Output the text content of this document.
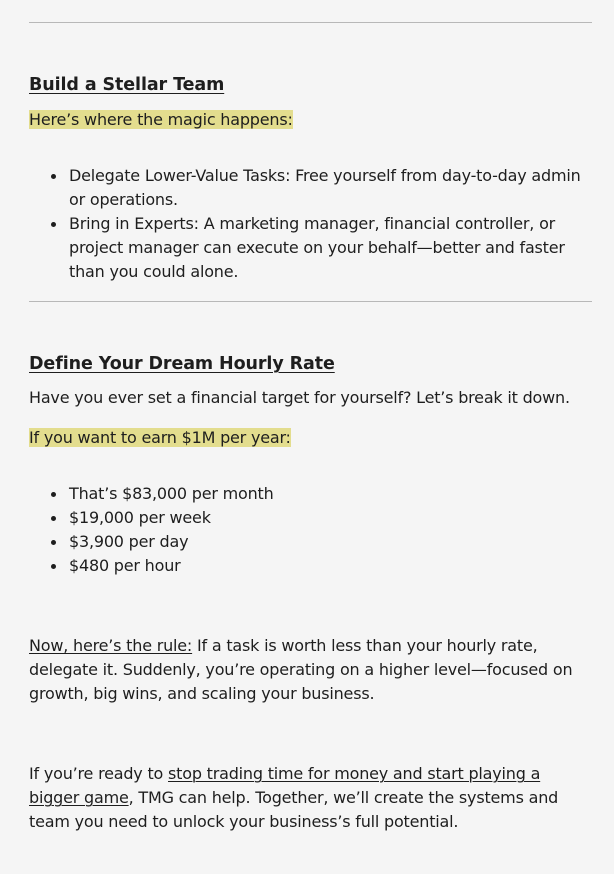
Build a Stellar Team
Here’s where the magic happens:
Delegate Lower-Value Tasks: Free yourself from day-to-day admin or operations.
Bring in Experts: A marketing manager, financial controller, or project manager can execute on your behalf—better and faster than you could alone.
Define Your Dream Hourly Rate
Have you ever set a financial target for yourself? Let’s break it down.
If you want to earn $1M per year:
That’s $83,000 per month
$19,000 per week
$3,900 per day
$480 per hour
Now, here’s the rule: If a task is worth less than your hourly rate, delegate it. Suddenly, you’re operating on a higher level—focused on growth, big wins, and scaling your business.
If you’re ready to stop trading time for money and start playing a bigger game, TMG can help. Together, we’ll create the systems and team you need to unlock your business’s full potential.
